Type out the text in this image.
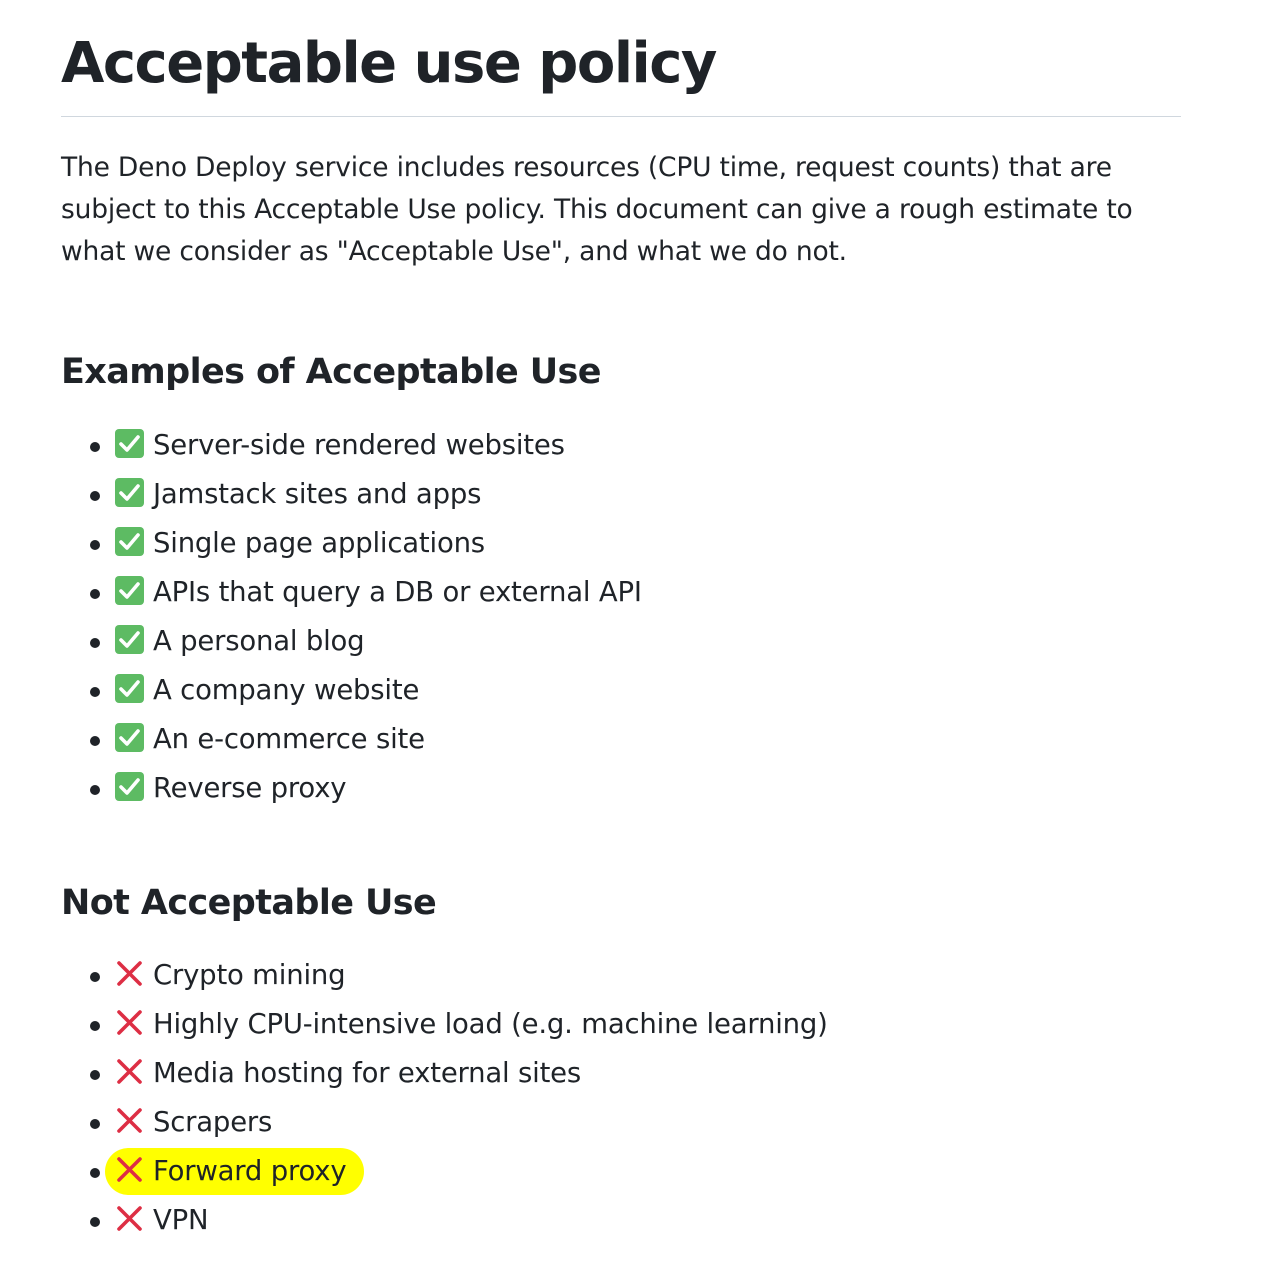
Acceptable use policy

The Deno Deploy service includes resources (CPU time, request counts) that are subject to this Acceptable Use policy. This document can give a rough estimate to what we consider as "Acceptable Use", and what we do not.

Examples of Acceptable Use
Server-side rendered websites
Jamstack sites and apps
Single page applications
APIs that query a DB or external API
A personal blog
A company website
An e-commerce site
Reverse proxy
Not Acceptable Use
Crypto mining
Highly CPU-intensive load (e.g. machine learning)
Media hosting for external sites
Scrapers
Forward proxy
VPN
